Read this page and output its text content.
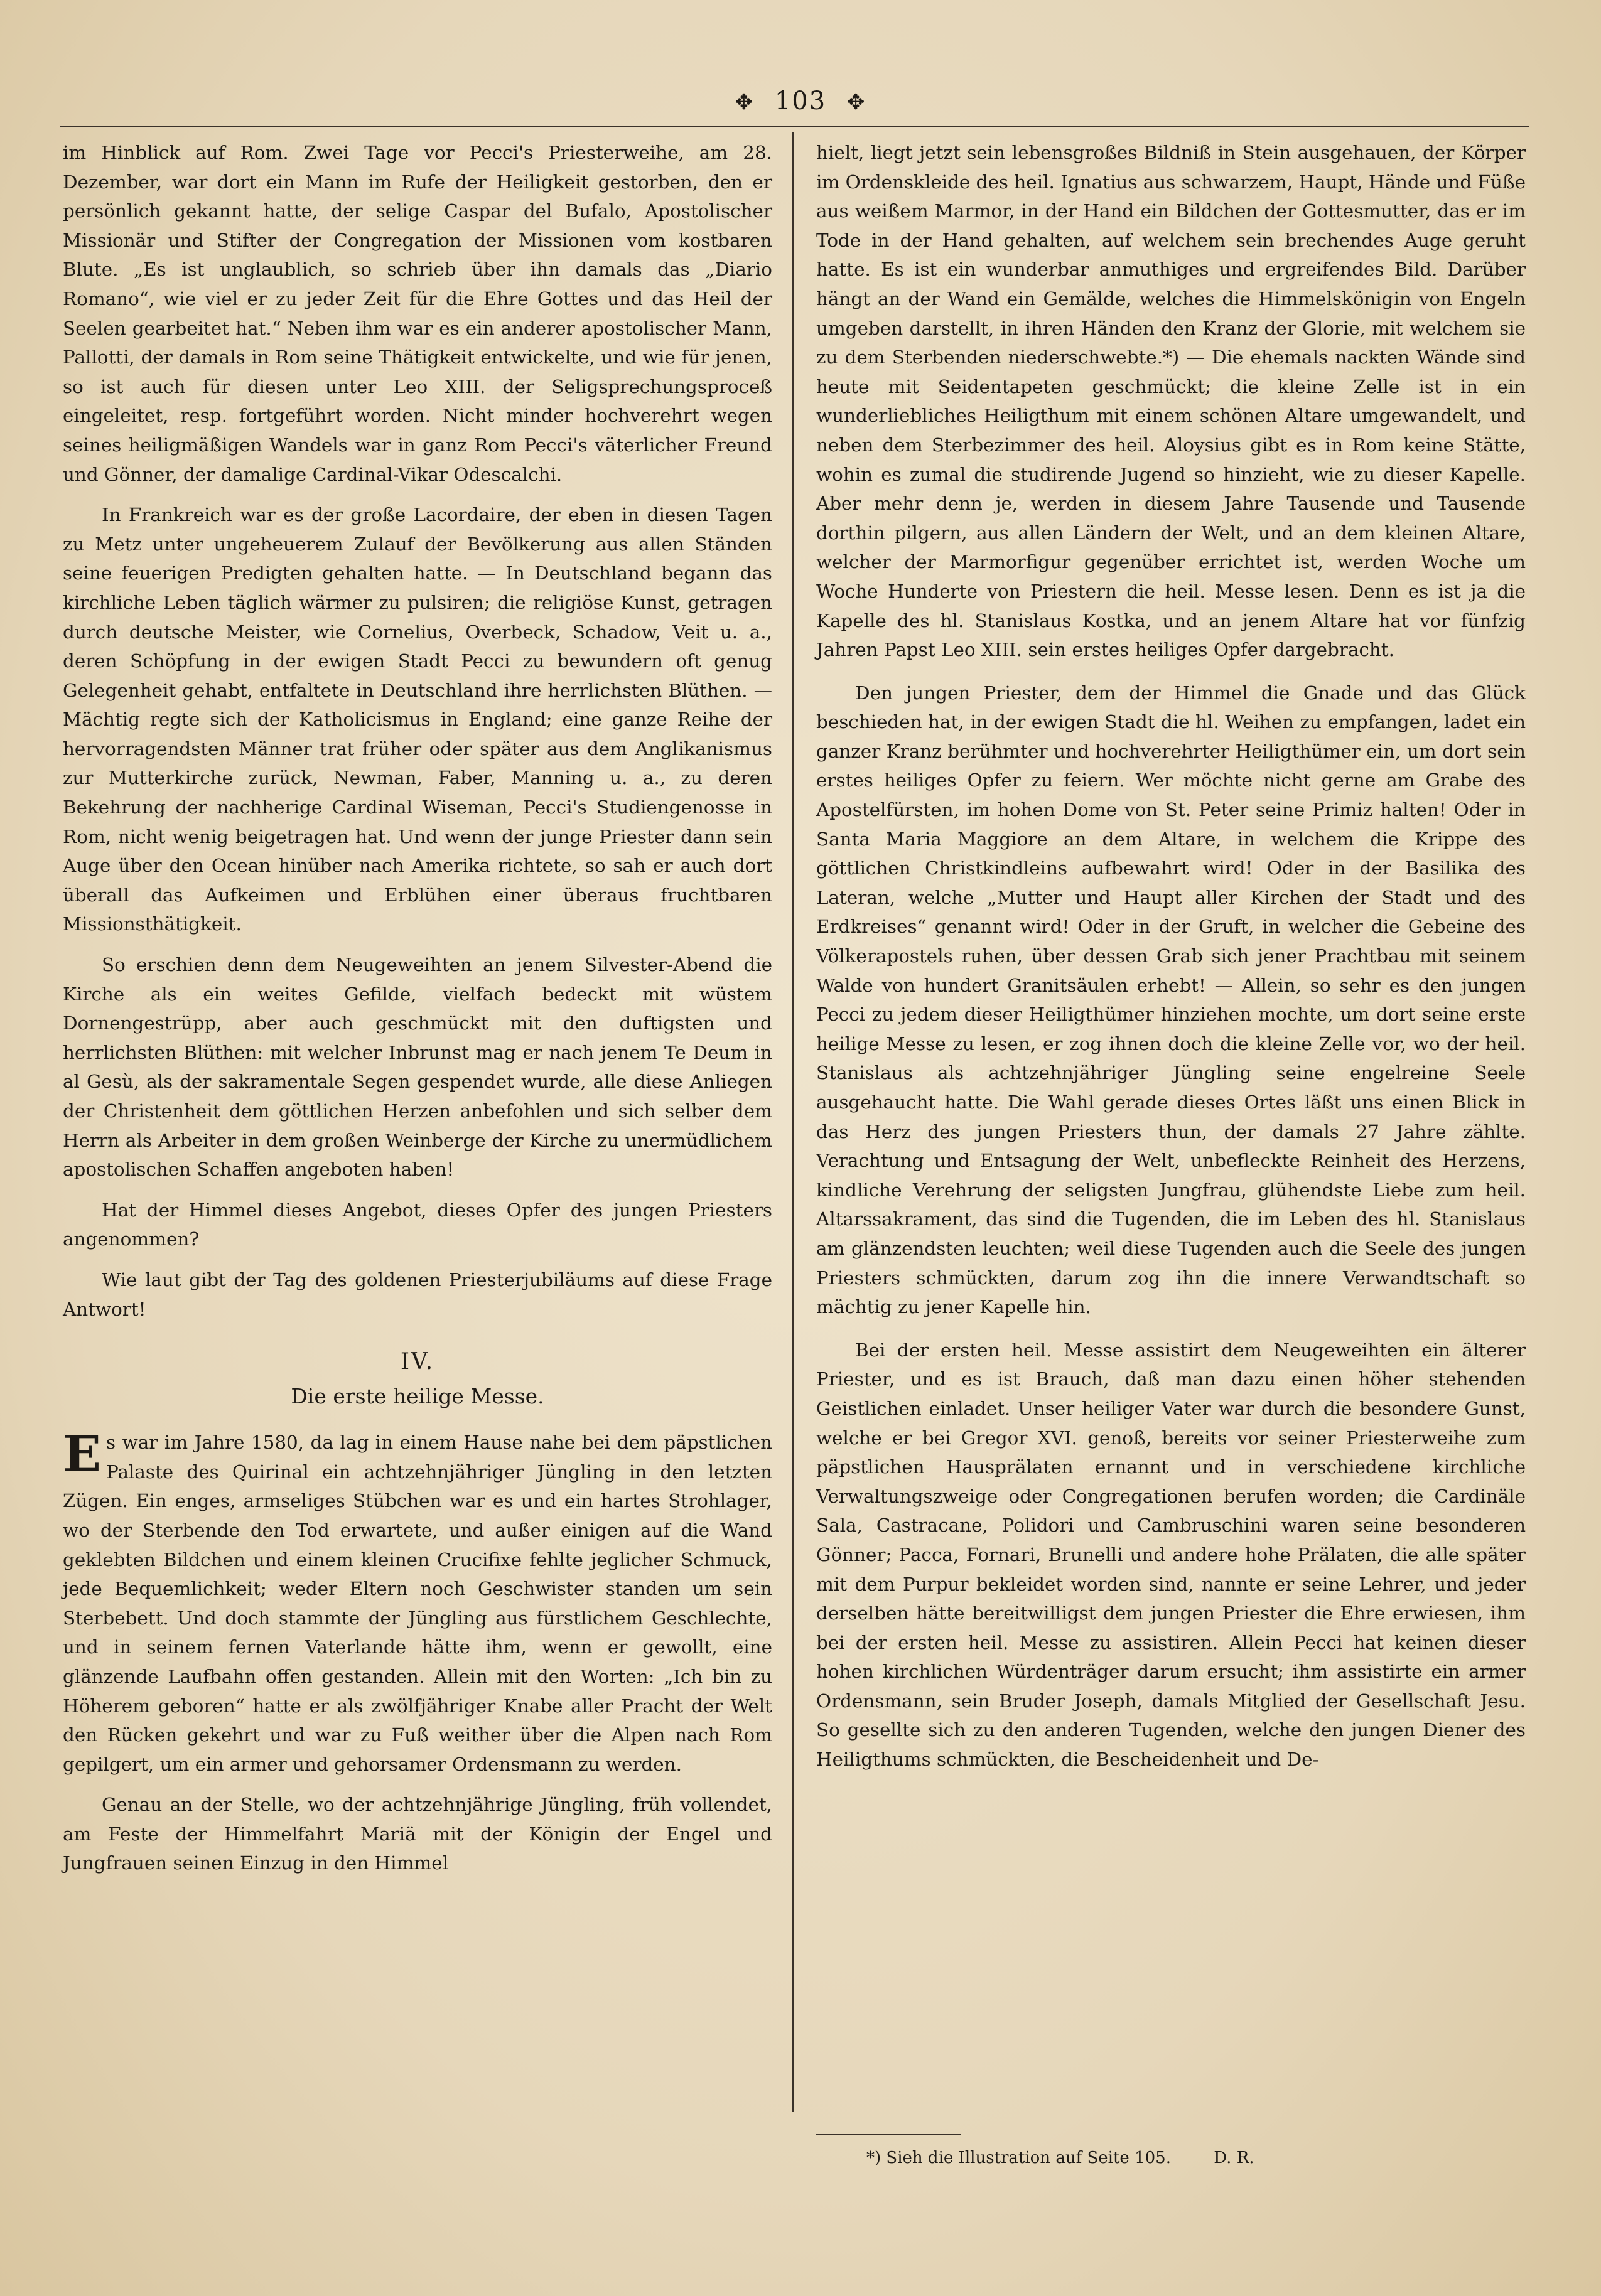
✥ 103 ✥

im Hinblick auf Rom. Zwei Tage vor Pecci's Priesterweihe, am 28. Dezember, war dort ein Mann im Rufe der Heiligkeit gestorben, den er persönlich gekannt hatte, der selige Caspar del Bufalo, Apostolischer Missionär und Stifter der Congregation der Missionen vom kostbaren Blute. „Es ist unglaublich, so schrieb über ihn damals das „Diario Romano“, wie viel er zu jeder Zeit für die Ehre Gottes und das Heil der Seelen gearbeitet hat.“ Neben ihm war es ein anderer apostolischer Mann, Pallotti, der damals in Rom seine Thätigkeit entwickelte, und wie für jenen, so ist auch für diesen unter Leo XIII. der Seligsprechungsproceß eingeleitet, resp. fortgeführt worden. Nicht minder hochverehrt wegen seines heiligmäßigen Wandels war in ganz Rom Pecci's väterlicher Freund und Gönner, der damalige Cardinal-Vikar Odescalchi.

In Frankreich war es der große Lacordaire, der eben in diesen Tagen zu Metz unter ungeheuerem Zulauf der Bevölkerung aus allen Ständen seine feuerigen Predigten gehalten hatte. — In Deutschland begann das kirchliche Leben täglich wärmer zu pulsiren; die religiöse Kunst, getragen durch deutsche Meister, wie Cornelius, Overbeck, Schadow, Veit u. a., deren Schöpfung in der ewigen Stadt Pecci zu bewundern oft genug Gelegenheit gehabt, entfaltete in Deutschland ihre herrlichsten Blüthen. — Mächtig regte sich der Katholicismus in England; eine ganze Reihe der hervorragendsten Männer trat früher oder später aus dem Anglikanismus zur Mutterkirche zurück, Newman, Faber, Manning u. a., zu deren Bekehrung der nachherige Cardinal Wiseman, Pecci's Studiengenosse in Rom, nicht wenig beigetragen hat. Und wenn der junge Priester dann sein Auge über den Ocean hinüber nach Amerika richtete, so sah er auch dort überall das Aufkeimen und Erblühen einer überaus fruchtbaren Missionsthätigkeit.

So erschien denn dem Neugeweihten an jenem Silvester-Abend die Kirche als ein weites Gefilde, vielfach bedeckt mit wüstem Dornengestrüpp, aber auch geschmückt mit den duftigsten und herrlichsten Blüthen: mit welcher Inbrunst mag er nach jenem Te Deum in al Gesù, als der sakramentale Segen gespendet wurde, alle diese Anliegen der Christenheit dem göttlichen Herzen anbefohlen und sich selber dem Herrn als Arbeiter in dem großen Weinberge der Kirche zu unermüdlichem apostolischen Schaffen angeboten haben!

Hat der Himmel dieses Angebot, dieses Opfer des jungen Priesters angenommen?

Wie laut gibt der Tag des goldenen Priesterjubiläums auf diese Frage Antwort!

IV.
Die erste heilige Messe.

Es war im Jahre 1580, da lag in einem Hause nahe bei dem päpstlichen Palaste des Quirinal ein achtzehnjähriger Jüngling in den letzten Zügen. Ein enges, armseliges Stübchen war es und ein hartes Strohlager, wo der Sterbende den Tod erwartete, und außer einigen auf die Wand geklebten Bildchen und einem kleinen Crucifixe fehlte jeglicher Schmuck, jede Bequemlichkeit; weder Eltern noch Geschwister standen um sein Sterbebett. Und doch stammte der Jüngling aus fürstlichem Geschlechte, und in seinem fernen Vaterlande hätte ihm, wenn er gewollt, eine glänzende Laufbahn offen gestanden. Allein mit den Worten: „Ich bin zu Höherem geboren“ hatte er als zwölfjähriger Knabe aller Pracht der Welt den Rücken gekehrt und war zu Fuß weither über die Alpen nach Rom gepilgert, um ein armer und gehorsamer Ordensmann zu werden.

Genau an der Stelle, wo der achtzehnjährige Jüngling, früh vollendet, am Feste der Himmelfahrt Mariä mit der Königin der Engel und Jungfrauen seinen Einzug in den Himmel

hielt, liegt jetzt sein lebensgroßes Bildniß in Stein ausgehauen, der Körper im Ordenskleide des heil. Ignatius aus schwarzem, Haupt, Hände und Füße aus weißem Marmor, in der Hand ein Bildchen der Gottesmutter, das er im Tode in der Hand gehalten, auf welchem sein brechendes Auge geruht hatte. Es ist ein wunderbar anmuthiges und ergreifendes Bild. Darüber hängt an der Wand ein Gemälde, welches die Himmelskönigin von Engeln umgeben darstellt, in ihren Händen den Kranz der Glorie, mit welchem sie zu dem Sterbenden niederschwebte.*) — Die ehemals nackten Wände sind heute mit Seidentapeten geschmückt; die kleine Zelle ist in ein wunderliebliches Heiligthum mit einem schönen Altare umgewandelt, und neben dem Sterbezimmer des heil. Aloysius gibt es in Rom keine Stätte, wohin es zumal die studirende Jugend so hinzieht, wie zu dieser Kapelle. Aber mehr denn je, werden in diesem Jahre Tausende und Tausende dorthin pilgern, aus allen Ländern der Welt, und an dem kleinen Altare, welcher der Marmorfigur gegenüber errichtet ist, werden Woche um Woche Hunderte von Priestern die heil. Messe lesen. Denn es ist ja die Kapelle des hl. Stanislaus Kostka, und an jenem Altare hat vor fünfzig Jahren Papst Leo XIII. sein erstes heiliges Opfer dargebracht.

Den jungen Priester, dem der Himmel die Gnade und das Glück beschieden hat, in der ewigen Stadt die hl. Weihen zu empfangen, ladet ein ganzer Kranz berühmter und hochverehrter Heiligthümer ein, um dort sein erstes heiliges Opfer zu feiern. Wer möchte nicht gerne am Grabe des Apostelfürsten, im hohen Dome von St. Peter seine Primiz halten! Oder in Santa Maria Maggiore an dem Altare, in welchem die Krippe des göttlichen Christkindleins aufbewahrt wird! Oder in der Basilika des Lateran, welche „Mutter und Haupt aller Kirchen der Stadt und des Erdkreises“ genannt wird! Oder in der Gruft, in welcher die Gebeine des Völkerapostels ruhen, über dessen Grab sich jener Prachtbau mit seinem Walde von hundert Granitsäulen erhebt! — Allein, so sehr es den jungen Pecci zu jedem dieser Heiligthümer hinziehen mochte, um dort seine erste heilige Messe zu lesen, er zog ihnen doch die kleine Zelle vor, wo der heil. Stanislaus als achtzehnjähriger Jüngling seine engelreine Seele ausgehaucht hatte. Die Wahl gerade dieses Ortes läßt uns einen Blick in das Herz des jungen Priesters thun, der damals 27 Jahre zählte. Verachtung und Entsagung der Welt, unbefleckte Reinheit des Herzens, kindliche Verehrung der seligsten Jungfrau, glühendste Liebe zum heil. Altarssakrament, das sind die Tugenden, die im Leben des hl. Stanislaus am glänzendsten leuchten; weil diese Tugenden auch die Seele des jungen Priesters schmückten, darum zog ihn die innere Verwandtschaft so mächtig zu jener Kapelle hin.

Bei der ersten heil. Messe assistirt dem Neugeweihten ein älterer Priester, und es ist Brauch, daß man dazu einen höher stehenden Geistlichen einladet. Unser heiliger Vater war durch die besondere Gunst, welche er bei Gregor XVI. genoß, bereits vor seiner Priesterweihe zum päpstlichen Hausprälaten ernannt und in verschiedene kirchliche Verwaltungszweige oder Congregationen berufen worden; die Cardinäle Sala, Castracane, Polidori und Cambruschini waren seine besonderen Gönner; Pacca, Fornari, Brunelli und andere hohe Prälaten, die alle später mit dem Purpur bekleidet worden sind, nannte er seine Lehrer, und jeder derselben hätte bereitwilligst dem jungen Priester die Ehre erwiesen, ihm bei der ersten heil. Messe zu assistiren. Allein Pecci hat keinen dieser hohen kirchlichen Würdenträger darum ersucht; ihm assistirte ein armer Ordensmann, sein Bruder Joseph, damals Mitglied der Gesellschaft Jesu. So gesellte sich zu den anderen Tugenden, welche den jungen Diener des Heiligthums schmückten, die Bescheidenheit und De-

*) Sieh die Illustration auf Seite 105.	D. R.
